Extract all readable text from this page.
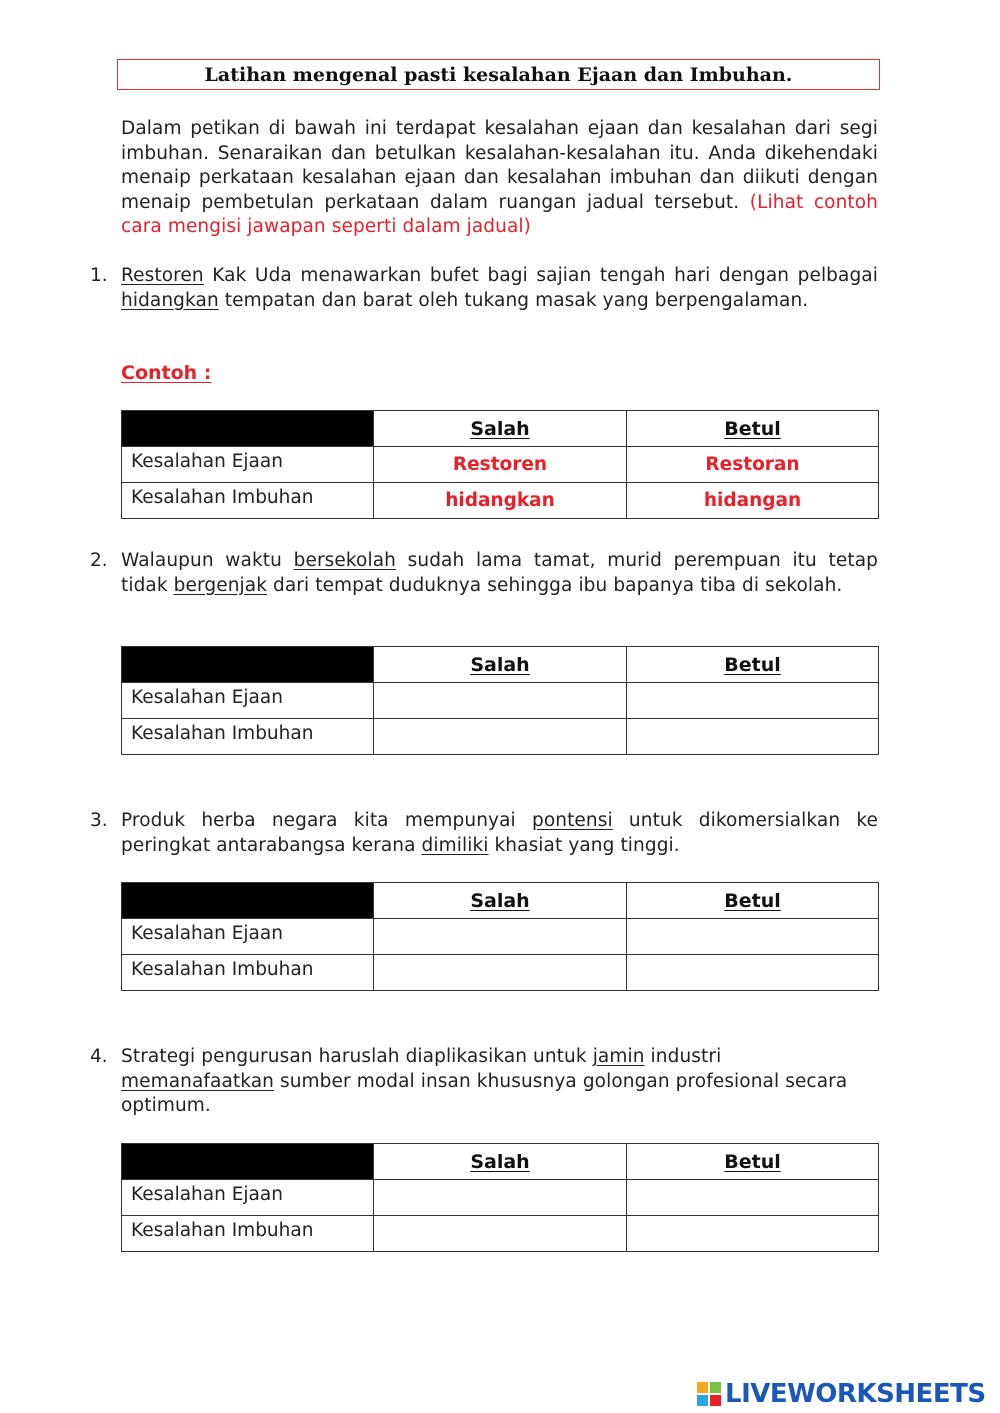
Latihan mengenal pasti kesalahan Ejaan dan Imbuhan.
Dalam petikan di bawah ini terdapat kesalahan ejaan dan kesalahan dari segi imbuhan. Senaraikan dan betulkan kesalahan-kesalahan itu. Anda dikehendaki menaip perkataan kesalahan ejaan dan kesalahan imbuhan dan diikuti dengan menaip pembetulan perkataan dalam ruangan jadual tersebut. (Lihat contoh cara mengisi jawapan seperti dalam jadual)
1. Restoren Kak Uda menawarkan bufet bagi sajian tengah hari dengan pelbagai hidangkan tempatan dan barat oleh tukang masak yang berpengalaman.
Contoh :
	Salah	Betul
Kesalahan Ejaan	Restoren	Restoran
Kesalahan Imbuhan	hidangkan	hidangan
2. Walaupun waktu bersekolah sudah lama tamat, murid perempuan itu tetap tidak bergenjak dari tempat duduknya sehingga ibu bapanya tiba di sekolah.
	Salah	Betul
Kesalahan Ejaan		
Kesalahan Imbuhan		
3. Produk herba negara kita mempunyai pontensi untuk dikomersialkan ke peringkat antarabangsa kerana dimiliki khasiat yang tinggi.
	Salah	Betul
Kesalahan Ejaan		
Kesalahan Imbuhan		
4. Strategi pengurusan haruslah diaplikasikan untuk jamin industri
memanafaatkan sumber modal insan khususnya golongan profesional secara optimum.
	Salah	Betul
Kesalahan Ejaan		
Kesalahan Imbuhan		
LIVEWORKSHEETS
